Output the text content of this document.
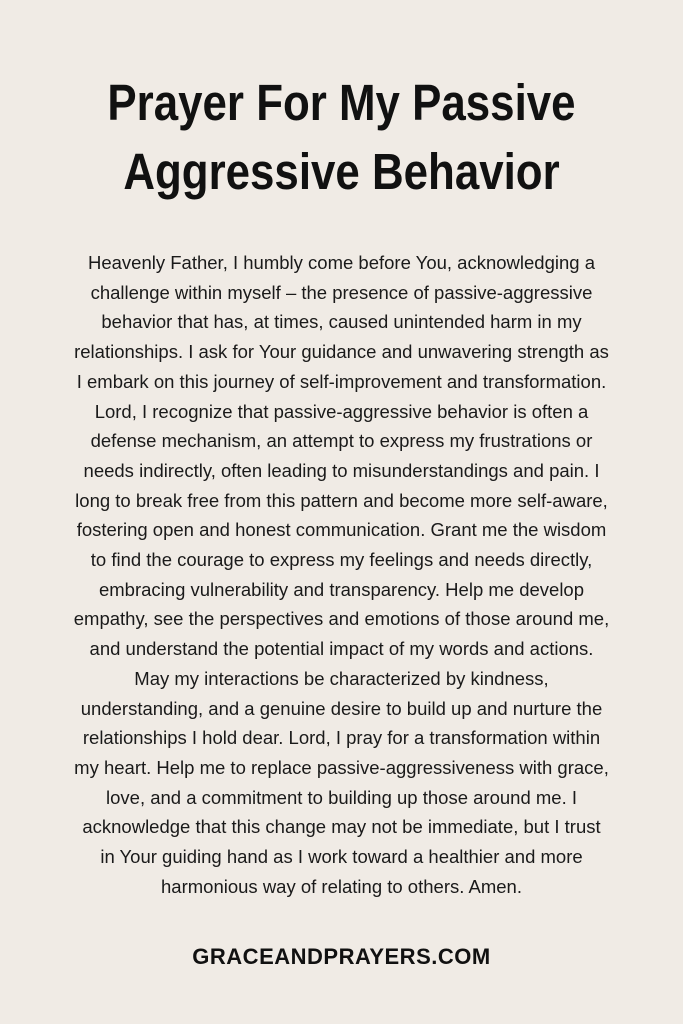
Prayer For My Passive
Aggressive Behavior

Heavenly Father, I humbly come before You, acknowledging a
challenge within myself – the presence of passive-aggressive
behavior that has, at times, caused unintended harm in my
relationships. I ask for Your guidance and unwavering strength as
I embark on this journey of self-improvement and transformation.
Lord, I recognize that passive-aggressive behavior is often a
defense mechanism, an attempt to express my frustrations or
needs indirectly, often leading to misunderstandings and pain. I
long to break free from this pattern and become more self-aware,
fostering open and honest communication. Grant me the wisdom
to find the courage to express my feelings and needs directly,
embracing vulnerability and transparency. Help me develop
empathy, see the perspectives and emotions of those around me,
and understand the potential impact of my words and actions.
May my interactions be characterized by kindness,
understanding, and a genuine desire to build up and nurture the
relationships I hold dear. Lord, I pray for a transformation within
my heart. Help me to replace passive-aggressiveness with grace,
love, and a commitment to building up those around me. I
acknowledge that this change may not be immediate, but I trust
in Your guiding hand as I work toward a healthier and more
harmonious way of relating to others. Amen.

GRACEANDPRAYERS.COM
